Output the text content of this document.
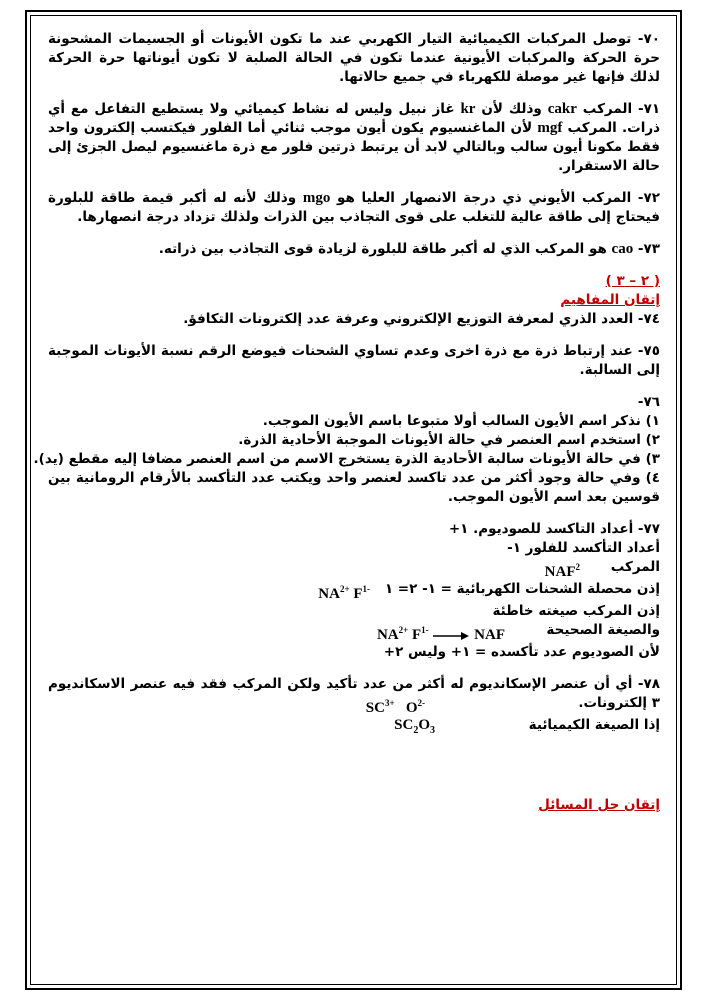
٧٠- توصل المركبات الكيميائية التيار الكهربي عند ما تكون الأيونات أو الجسيمات المشحونة حرة الحركة والمركبات الأيونية عندما تكون في الحالة الصلبة لا تكون أيوناتها حرة الحركة لذلك فإنها غير موصلة للكهرباء في جميع حالاتها.

٧١- المركب cakr وذلك لأن kr غاز نبيل وليس له نشاط كيميائي ولا يستطيع التفاعل مع أي ذرات. المركب mgf لأن الماغنسيوم يكون أيون موجب ثنائي أما الفلور فيكتسب إلكترون واحد فقط مكونا أيون سالب وبالتالي لابد أن يرتبط ذرتين فلور مع ذرة ماغنسيوم ليصل الجزئ إلى حالة الاستقرار.

٧٢- المركب الأيوني ذي درجة الانصهار العليا هو mgo وذلك لأنه له أكبر قيمة طاقة للبلورة فيحتاج إلى طاقة عالية للتغلب على قوى التجاذب بين الذرات ولذلك تزداد درجة انصهارها.

٧٣- cao هو المركب الذي له أكبر طاقة للبلورة لزيادة قوى التجاذب بين ذراته.

( ٢ – ٣ )

إتقان المفاهيم

٧٤- العدد الذري لمعرفة التوزيع الإلكتروني وعرفة عدد إلكترونات التكافؤ.

٧٥- عند إرتباط ذرة مع ذرة اخرى وعدم تساوي الشحنات فيوضع الرقم نسبة الأيونات الموجبة إلى السالبة.

٧٦-

١) نذكر اسم الأيون السالب أولا متبوعا باسم الأيون الموجب.

٢) استخدم اسم العنصر في حالة الأيونات الموجبة الأحادية الذرة.

٣) في حالة الأيونات سالبة الأحادية الذرة يستخرج الاسم من اسم العنصر مضافا إليه مقطع (يد).

٤) وفي حالة وجود أكثر من عدد تاكسد لعنصر واحد ويكتب عدد التأكسد بالأرقام الرومانية بين قوسين بعد اسم الأيون الموجب.

٧٧- أعداد التاكسد للصوديوم. ١+

أعداد التأكسد للفلور ١-

المركب

NAF$^2$
إذن محصلة الشحنات الكهربائية = ١- ٢= ١
$NA^{2+}$ $F^{1-}$

إذن المركب صيغته خاطئة

والصيغة الصحيحة
$NA^{2+}$ $F^{1-}$ → NAF

لأن الصوديوم عدد تأكسده = ١+ وليس ٢+

٧٨- أي أن عنصر الإسكانديوم له أكثر من عدد تأكيد ولكن المركب فقد فيه عنصر الاسكانديوم ٣ إلكترونات.

$SC^{3+}$ $O^{2-}$
إذا الصيغة الكيميائية
$SC_2O_3$

إتقان حل المسائل
